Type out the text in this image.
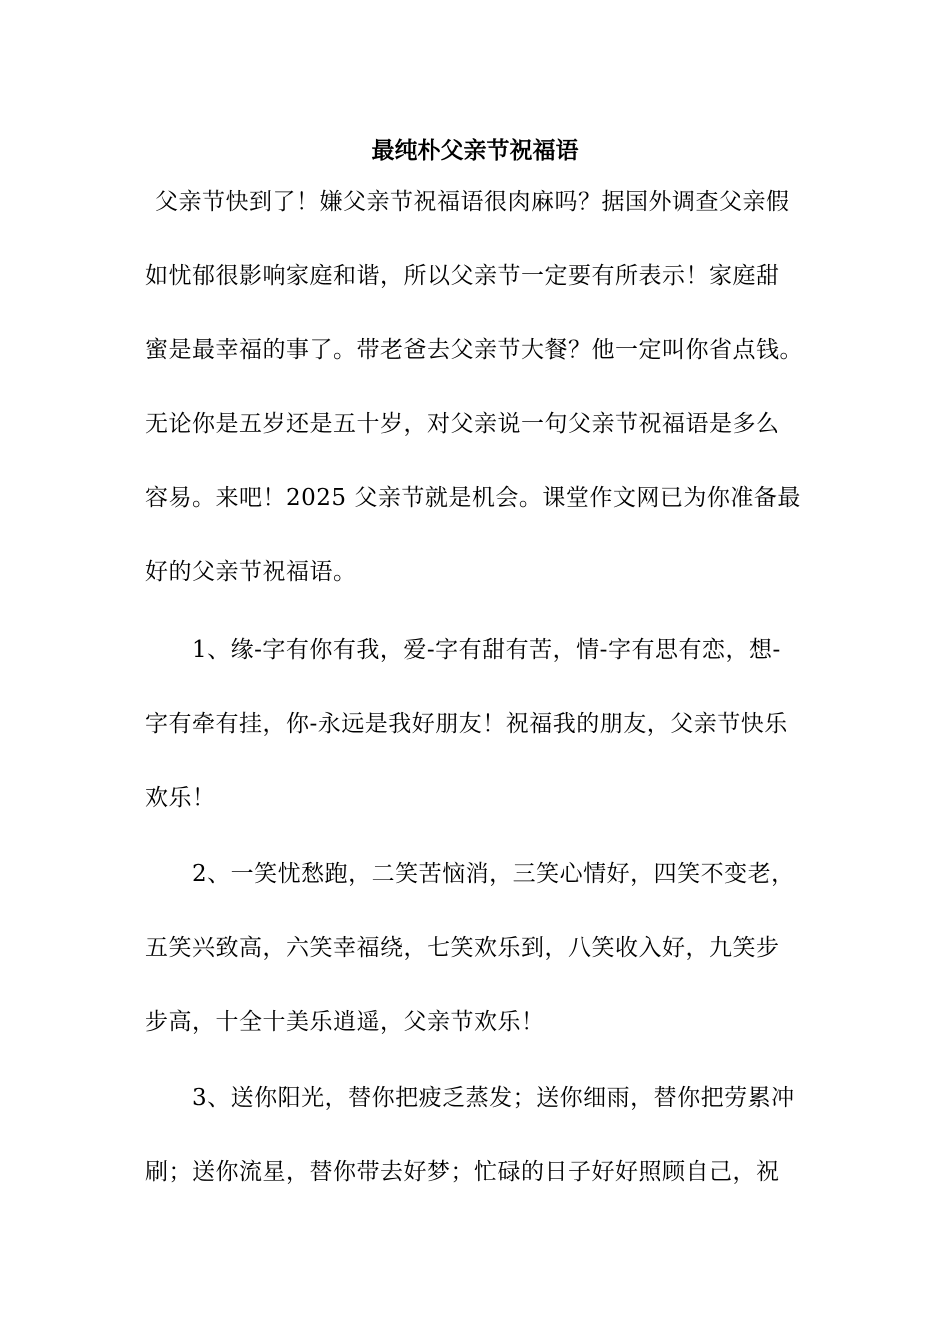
最纯朴父亲节祝福语
父亲节快到了！嫌父亲节祝福语很肉麻吗？据国外调查父亲假
如忧郁很影响家庭和谐，所以父亲节一定要有所表示！家庭甜
蜜是最幸福的事了。带老爸去父亲节大餐？他一定叫你省点钱。
无论你是五岁还是五十岁，对父亲说一句父亲节祝福语是多么
容易。来吧！2025 父亲节就是机会。课堂作文网已为你准备最
好的父亲节祝福语。
1、缘-字有你有我，爱-字有甜有苦，情-字有思有恋，想-
字有牵有挂，你-永远是我好朋友！祝福我的朋友，父亲节快乐
欢乐！
2、一笑忧愁跑，二笑苦恼消，三笑心情好，四笑不变老，
五笑兴致高，六笑幸福绕，七笑欢乐到，八笑收入好，九笑步
步高，十全十美乐逍遥，父亲节欢乐！
3、送你阳光，替你把疲乏蒸发；送你细雨，替你把劳累冲
刷；送你流星，替你带去好梦；忙碌的日子好好照顾自己，祝
